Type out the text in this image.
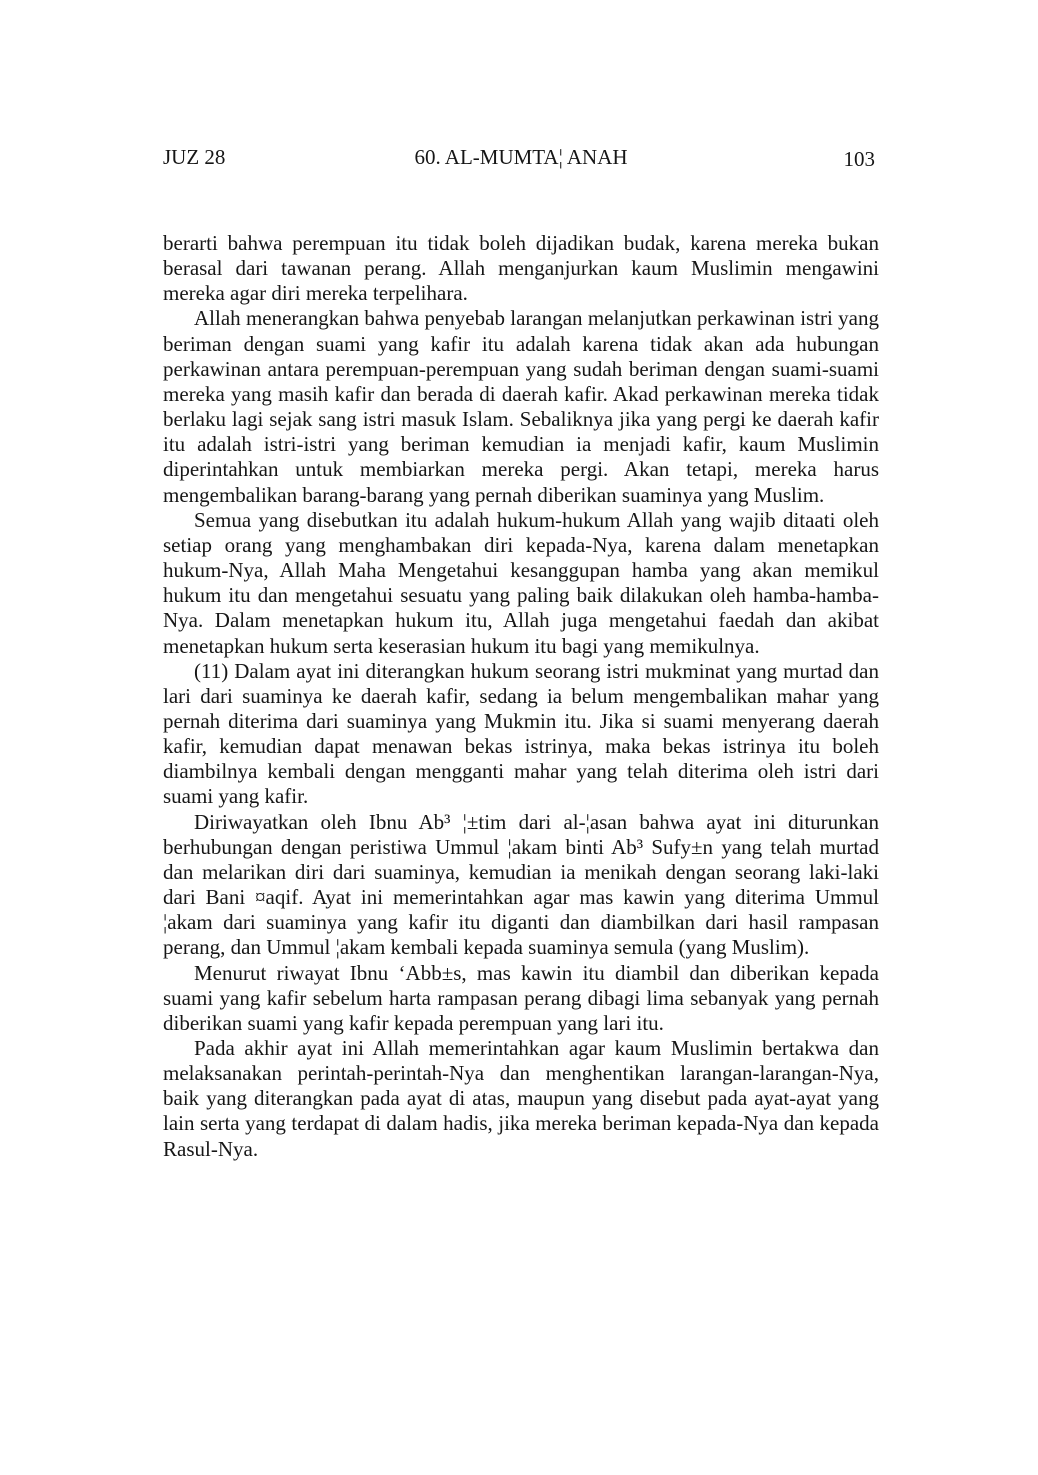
JUZ 28	60. AL-MUMTA¦ ANAH	103

berarti bahwa perempuan itu tidak boleh dijadikan budak, karena mereka bukan berasal dari tawanan perang. Allah menganjurkan kaum Muslimin mengawini mereka agar diri mereka terpelihara.

Allah menerangkan bahwa penyebab larangan melanjutkan perkawinan istri yang beriman dengan suami yang kafir itu adalah karena tidak akan ada hubungan perkawinan antara perempuan-perempuan yang sudah beriman dengan suami-suami mereka yang masih kafir dan berada di daerah kafir. Akad perkawinan mereka tidak berlaku lagi sejak sang istri masuk Islam. Sebaliknya jika yang pergi ke daerah kafir itu adalah istri-istri yang beriman kemudian ia menjadi kafir, kaum Muslimin diperintahkan untuk membiarkan mereka pergi. Akan tetapi, mereka harus mengembalikan barang-barang yang pernah diberikan suaminya yang Muslim.

Semua yang disebutkan itu adalah hukum-hukum Allah yang wajib ditaati oleh setiap orang yang menghambakan diri kepada-Nya, karena dalam menetapkan hukum-Nya, Allah Maha Mengetahui kesanggupan hamba yang akan memikul hukum itu dan mengetahui sesuatu yang paling baik dilakukan oleh hamba-hamba-Nya. Dalam menetapkan hukum itu, Allah juga mengetahui faedah dan akibat menetapkan hukum serta keserasian hukum itu bagi yang memikulnya.

(11) Dalam ayat ini diterangkan hukum seorang istri mukminat yang murtad dan lari dari suaminya ke daerah kafir, sedang ia belum mengembalikan mahar yang pernah diterima dari suaminya yang Mukmin itu. Jika si suami menyerang daerah kafir, kemudian dapat menawan bekas istrinya, maka bekas istrinya itu boleh diambilnya kembali dengan mengganti mahar yang telah diterima oleh istri dari suami yang kafir.

Diriwayatkan oleh Ibnu Ab³ ¦±tim dari al-¦asan bahwa ayat ini diturunkan berhubungan dengan peristiwa Ummul ¦akam binti Ab³ Sufy±n yang telah murtad dan melarikan diri dari suaminya, kemudian ia menikah dengan seorang laki-laki dari Bani ¤aqif. Ayat ini memerintahkan agar mas kawin yang diterima Ummul ¦akam dari suaminya yang kafir itu diganti dan diambilkan dari hasil rampasan perang, dan Ummul ¦akam kembali kepada suaminya semula (yang Muslim).

Menurut riwayat Ibnu ‘Abb±s, mas kawin itu diambil dan diberikan kepada suami yang kafir sebelum harta rampasan perang dibagi lima sebanyak yang pernah diberikan suami yang kafir kepada perempuan yang lari itu.

Pada akhir ayat ini Allah memerintahkan agar kaum Muslimin bertakwa dan melaksanakan perintah-perintah-Nya dan menghentikan larangan-larangan-Nya, baik yang diterangkan pada ayat di atas, maupun yang disebut pada ayat-ayat yang lain serta yang terdapat di dalam hadis, jika mereka beriman kepada-Nya dan kepada Rasul-Nya.
